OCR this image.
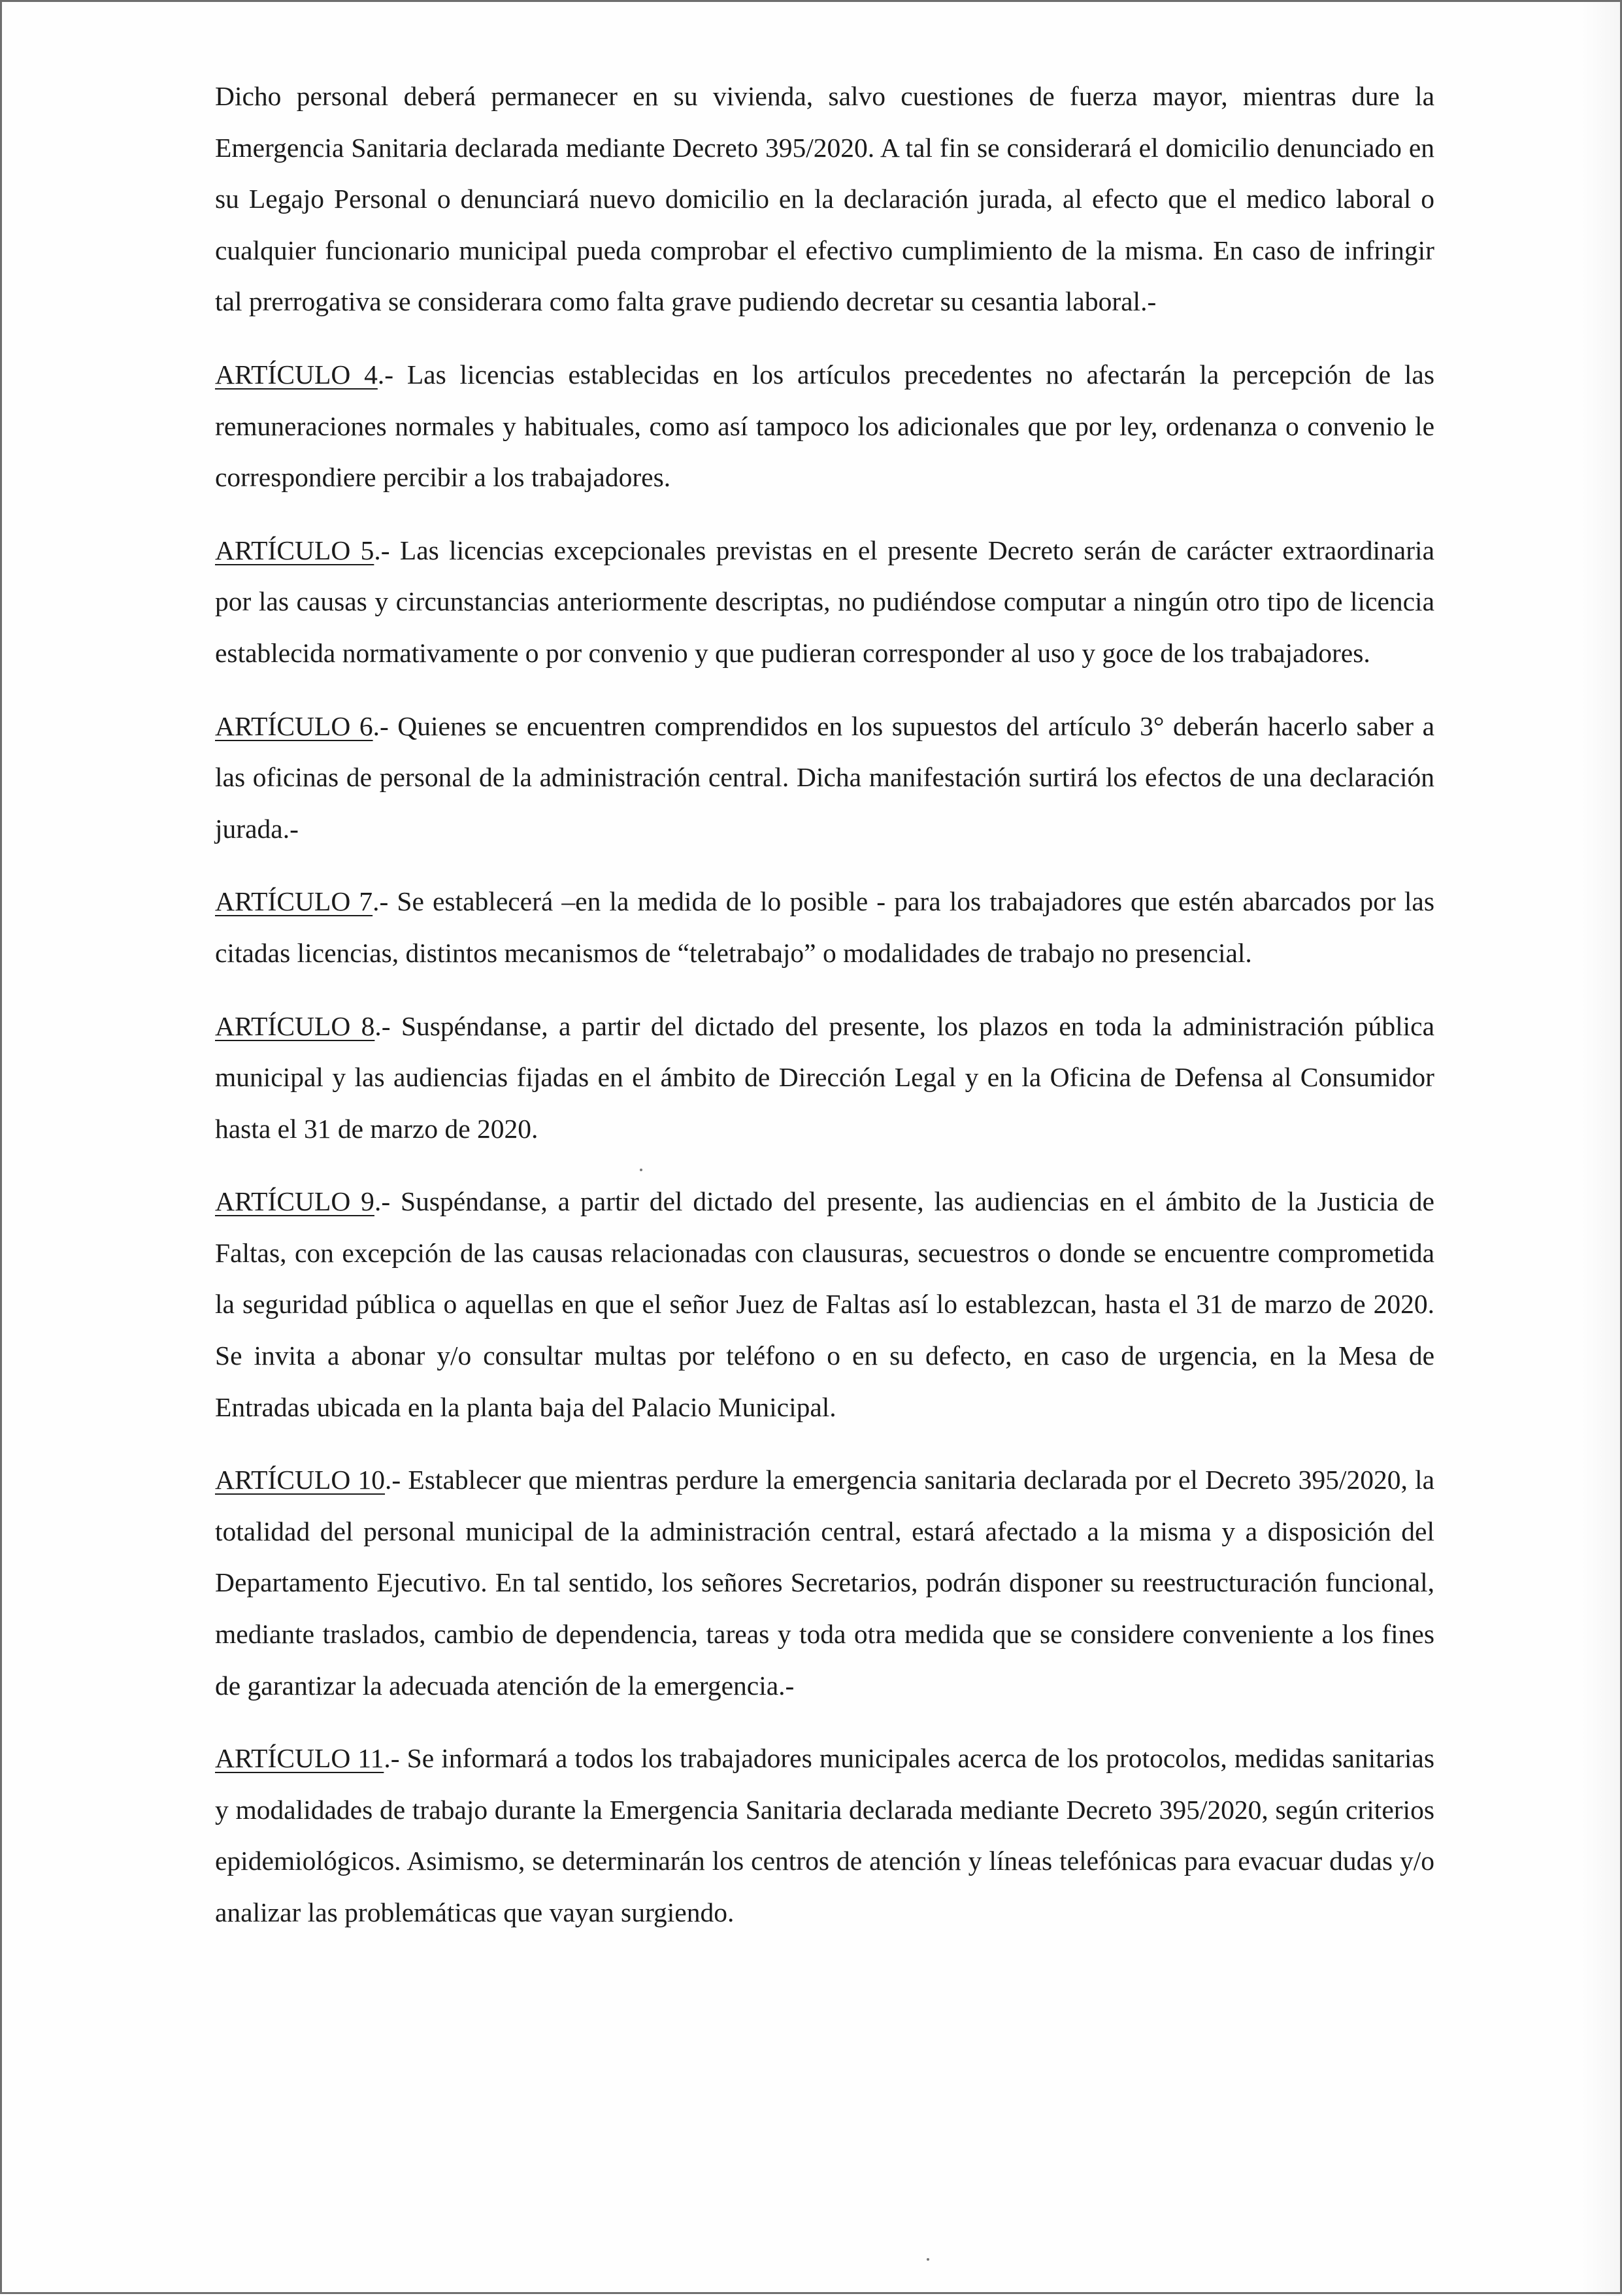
Dicho personal deberá permanecer en su vivienda, salvo cuestiones de fuerza mayor, mientras dure la Emergencia Sanitaria declarada mediante Decreto 395/2020. A tal fin se considerará el domicilio denunciado en su Legajo Personal o denunciará nuevo domicilio en la declaración jurada, al efecto que el medico laboral o cualquier funcionario municipal pueda comprobar el efectivo cumplimiento de la misma. En caso de infringir tal prerrogativa se considerara como falta grave pudiendo decretar su cesantia laboral.-

ARTÍCULO 4.- Las licencias establecidas en los artículos precedentes no afectarán la percepción de las remuneraciones normales y habituales, como así tampoco los adicionales que por ley, ordenanza o convenio le correspondiere percibir a los trabajadores.

ARTÍCULO 5.- Las licencias excepcionales previstas en el presente Decreto serán de carácter extraordinaria por las causas y circunstancias anteriormente descriptas, no pudiéndose computar a ningún otro tipo de licencia establecida normativamente o por convenio y que pudieran corresponder al uso y goce de los trabajadores.

ARTÍCULO 6.- Quienes se encuentren comprendidos en los supuestos del artículo 3° deberán hacerlo saber a las oficinas de personal de la administración central. Dicha manifestación surtirá los efectos de una declaración jurada.-

ARTÍCULO 7.- Se establecerá –en la medida de lo posible - para los trabajadores que estén abarcados por las citadas licencias, distintos mecanismos de “teletrabajo” o modalidades de trabajo no presencial.

ARTÍCULO 8.- Suspéndanse, a partir del dictado del presente, los plazos en toda la administración pública municipal y las audiencias fijadas en el ámbito de Dirección Legal y en la Oficina de Defensa al Consumidor hasta el 31 de marzo de 2020.

ARTÍCULO 9.- Suspéndanse, a partir del dictado del presente, las audiencias en el ámbito de la Justicia de Faltas, con excepción de las causas relacionadas con clausuras, secuestros o donde se encuentre comprometida la seguridad pública o aquellas en que el señor Juez de Faltas así lo establezcan, hasta el 31 de marzo de 2020. Se invita a abonar y/o consultar multas por teléfono o en su defecto, en caso de urgencia, en la Mesa de Entradas ubicada en la planta baja del Palacio Municipal.

ARTÍCULO 10.- Establecer que mientras perdure la emergencia sanitaria declarada por el Decreto 395/2020, la totalidad del personal municipal de la administración central, estará afectado a la misma y a disposición del Departamento Ejecutivo. En tal sentido, los señores Secretarios, podrán disponer su reestructuración funcional, mediante traslados, cambio de dependencia, tareas y toda otra medida que se considere conveniente a los fines de garantizar la adecuada atención de la emergencia.-

ARTÍCULO 11.- Se informará a todos los trabajadores municipales acerca de los protocolos, medidas sanitarias y modalidades de trabajo durante la Emergencia Sanitaria declarada mediante Decreto 395/2020, según criterios epidemiológicos. Asimismo, se determinarán los centros de atención y líneas telefónicas para evacuar dudas y/o analizar las problemáticas que vayan surgiendo.
